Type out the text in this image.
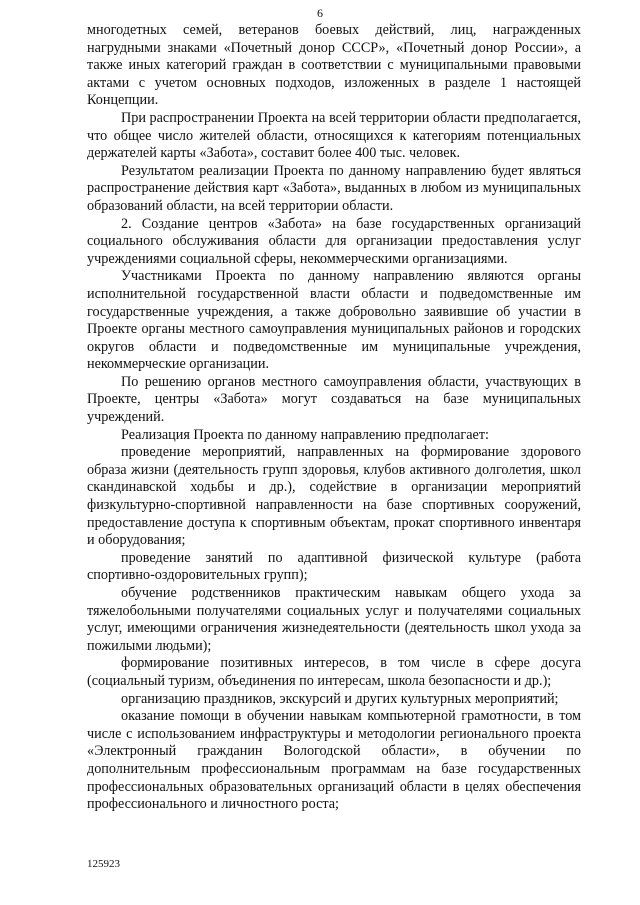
6

многодетных семей, ветеранов боевых действий, лиц, награжденных нагрудными знаками «Почетный донор СССР», «Почетный донор России», а также иных категорий граждан в соответствии с муниципальными правовыми актами с учетом основных подходов, изложенных в разделе 1 настоящей Концепции.

При распространении Проекта на всей территории области предполагается, что общее число жителей области, относящихся к категориям потенциальных держателей карты «Забота», составит более 400 тыс. человек.

Результатом реализации Проекта по данному направлению будет являться распространение действия карт «Забота», выданных в любом из муниципальных образований области, на всей территории области.

2. Создание центров «Забота» на базе государственных организаций социального обслуживания области для организации предоставления услуг учреждениями социальной сферы, некоммерческими организациями.

Участниками Проекта по данному направлению являются органы исполнительной государственной власти области и подведомственные им государственные учреждения, а также добровольно заявившие об участии в Проекте органы местного самоуправления муниципальных районов и городских округов области и подведомственные им муниципальные учреждения, некоммерческие организации.

По решению органов местного самоуправления области, участвующих в Проекте, центры «Забота» могут создаваться на базе муниципальных учреждений.

Реализация Проекта по данному направлению предполагает:

проведение мероприятий, направленных на формирование здорового образа жизни (деятельность групп здоровья, клубов активного долголетия, школ скандинавской ходьбы и др.), содействие в организации мероприятий физкультурно-спортивной направленности на базе спортивных сооружений, предоставление доступа к спортивным объектам, прокат спортивного инвентаря и оборудования;

проведение занятий по адаптивной физической культуре (работа спортивно-оздоровительных групп);

обучение родственников практическим навыкам общего ухода за тяжелобольными получателями социальных услуг и получателями социальных услуг, имеющими ограничения жизнедеятельности (деятельность школ ухода за пожилыми людьми);

формирование позитивных интересов, в том числе в сфере досуга (социальный туризм, объединения по интересам, школа безопасности и др.);

организацию праздников, экскурсий и других культурных мероприятий;

оказание помощи в обучении навыкам компьютерной грамотности, в том числе с использованием инфраструктуры и методологии регионального проекта «Электронный гражданин Вологодской области», в обучении по дополнительным профессиональным программам на базе государственных профессиональных образовательных организаций области в целях обеспечения профессионального и личностного роста;

125923
